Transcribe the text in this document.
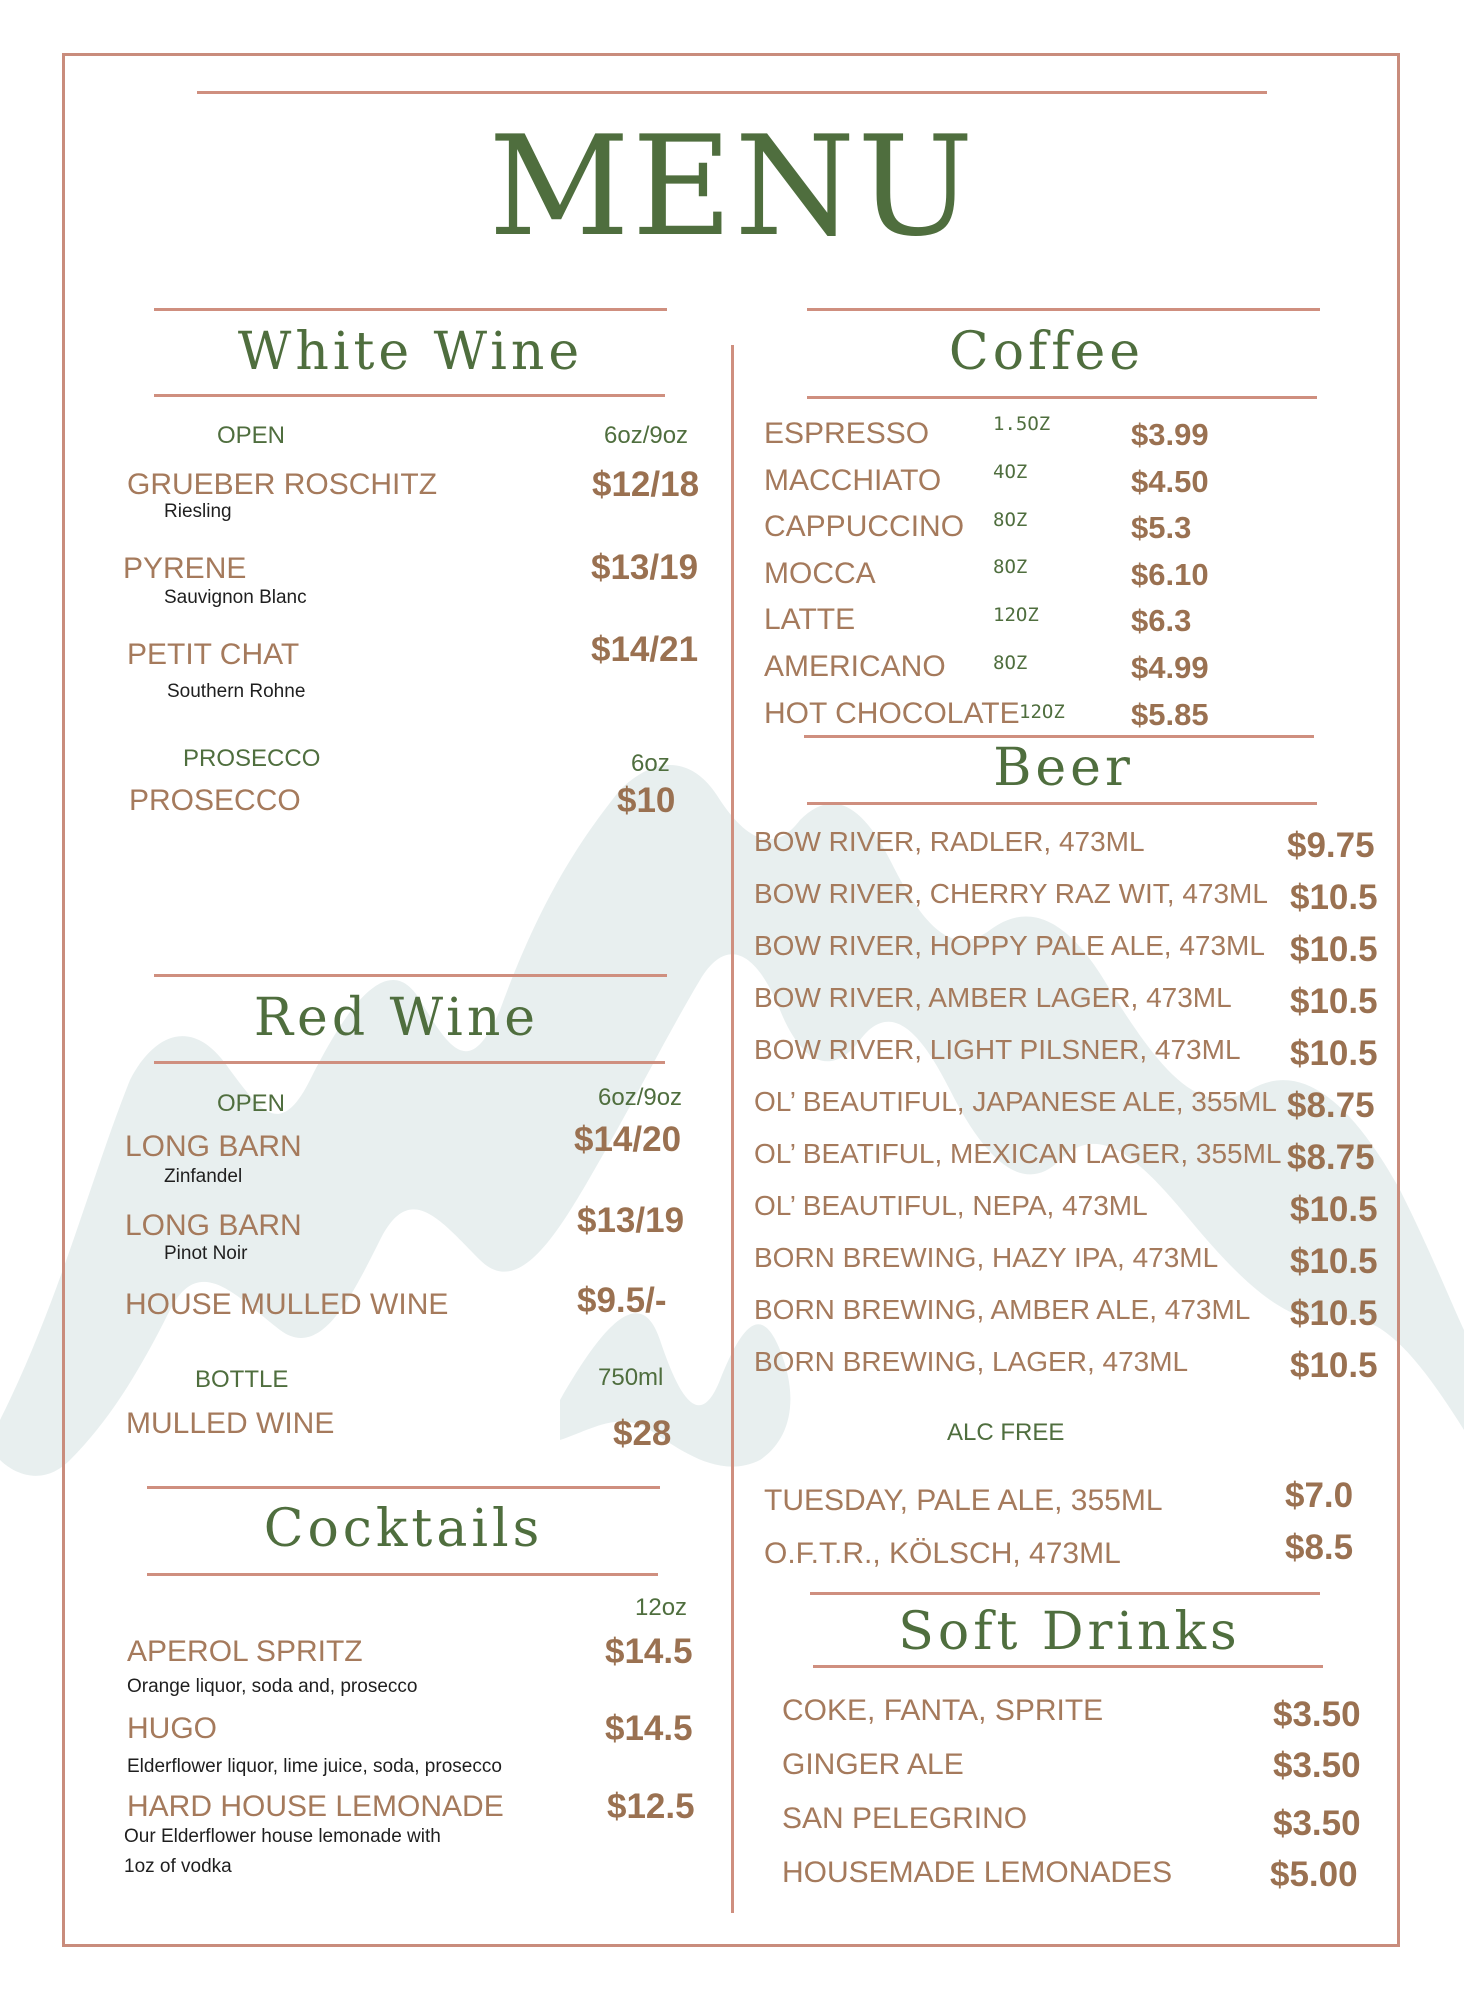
MENU
White Wine
OPEN	6oz/9oz
GRUEBER ROSCHITZ
Riesling
$12/18
PYRENE
Sauvignon Blanc
$13/19
PETIT CHAT
Southern Rohne
$14/21
PROSECCO	6oz
PROSECCO	$10
Red Wine
OPEN	6oz/9oz
LONG BARN
Zinfandel
$14/20
LONG BARN
Pinot Noir
$13/19
HOUSE MULLED WINE	$9.5/-
BOTTLE	750ml
MULLED WINE	$28
Cocktails
12oz
APEROL SPRITZ
Orange liquor, soda and, prosecco
$14.5
HUGO
Elderflower liquor, lime juice, soda, prosecco
$14.5
HARD HOUSE LEMONADE
Our Elderflower house lemonade with
1oz of vodka
$12.5
Coffee
ESPRESSO	1.5OZ	$3.99
MACCHIATO	4OZ	$4.50
CAPPUCCINO 8OZ	$5.3
MOCCA	8OZ	$6.10
LATTE	12OZ	$6.3
AMERICANO 8OZ	$4.99
HOT CHOCOLATE 12OZ $5.85
Beer
BOW RIVER, RADLER, 473ML	$9.75
BOW RIVER, CHERRY RAZ WIT, 473ML $10.5
BOW RIVER, HOPPY PALE ALE, 473ML $10.5
BOW RIVER, AMBER LAGER, 473ML $10.5
BOW RIVER, LIGHT PILSNER, 473ML $10.5
OL’ BEAUTIFUL, JAPANESE ALE, 355ML $8.75
OL’ BEATIFUL, MEXICAN LAGER, 355ML $8.75
OL’ BEAUTIFUL, NEPA, 473ML	$10.5
BORN BREWING, HAZY IPA, 473ML $10.5
BORN BREWING, AMBER ALE, 473ML $10.5
BORN BREWING, LAGER, 473ML	$10.5
ALC FREE
TUESDAY, PALE ALE, 355ML	$7.0
O.F.T.R., KÖLSCH, 473ML	$8.5
Soft Drinks
COKE, FANTA, SPRITE	$3.50
GINGER ALE	$3.50
SAN PELEGRINO	$3.50
HOUSEMADE LEMONADES	$5.00
